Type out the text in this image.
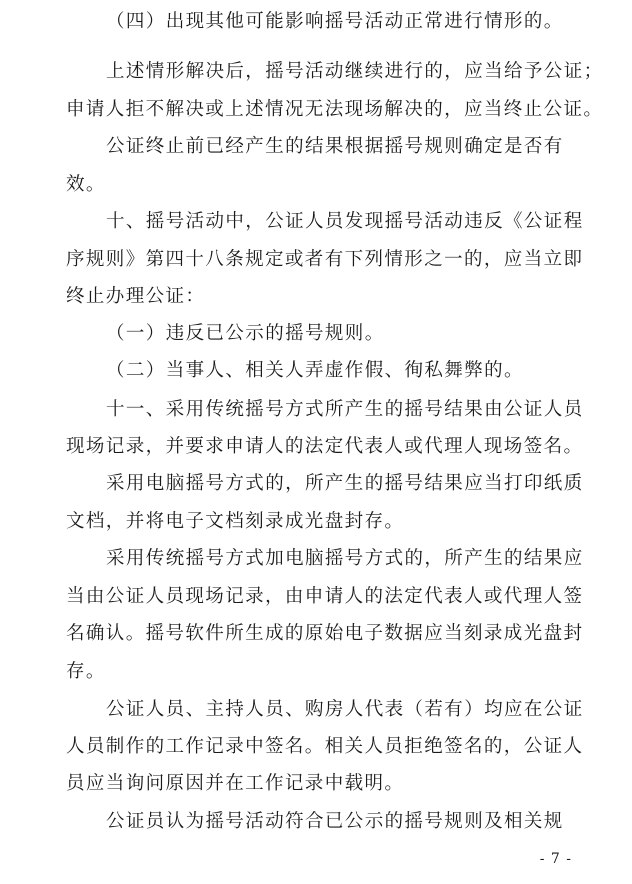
（四）出现其他可能影响摇号活动正常进行情形的。
上述情形解决后，摇号活动继续进行的，应当给予公证；
申请人拒不解决或上述情况无法现场解决的，应当终止公证。
公证终止前已经产生的结果根据摇号规则确定是否有
效。
十、摇号活动中，公证人员发现摇号活动违反《公证程
序规则》第四十八条规定或者有下列情形之一的，应当立即
终止办理公证：
（一）违反已公示的摇号规则。
（二）当事人、相关人弄虚作假、徇私舞弊的。
十一、采用传统摇号方式所产生的摇号结果由公证人员
现场记录，并要求申请人的法定代表人或代理人现场签名。
采用电脑摇号方式的，所产生的摇号结果应当打印纸质
文档，并将电子文档刻录成光盘封存。
采用传统摇号方式加电脑摇号方式的，所产生的结果应
当由公证人员现场记录，由申请人的法定代表人或代理人签
名确认。摇号软件所生成的原始电子数据应当刻录成光盘封
存。
公证人员、主持人员、购房人代表（若有）均应在公证
人员制作的工作记录中签名。相关人员拒绝签名的，公证人
员应当询问原因并在工作记录中载明。
公证员认为摇号活动符合已公示的摇号规则及相关规
- 7 -
